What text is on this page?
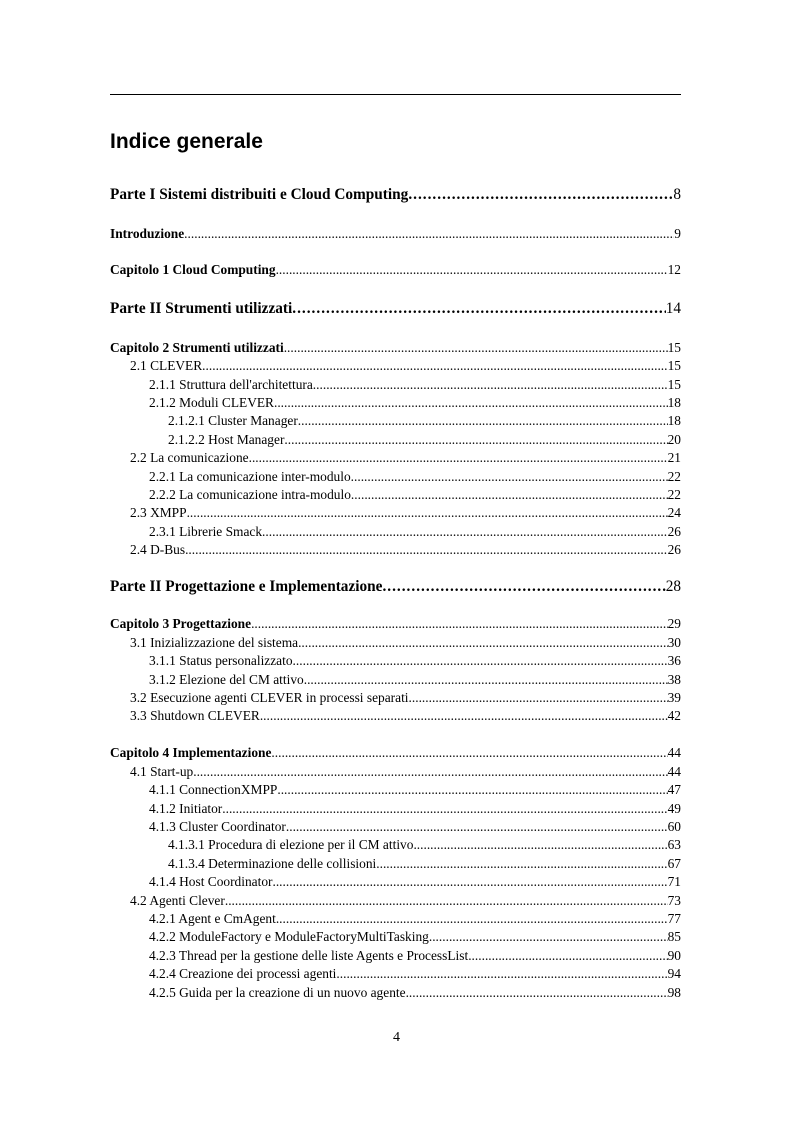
Indice generale
Parte I Sistemi distribuiti e Cloud Computing .....	8
Introduzione .....	9
Capitolo 1 Cloud Computing .....	12
Parte II Strumenti utilizzati .....	14
Capitolo 2 Strumenti utilizzati .....	15
2.1 CLEVER .....	15
2.1.1 Struttura dell'architettura .....	15
2.1.2 Moduli CLEVER .....	18
2.1.2.1 Cluster Manager .....	18
2.1.2.2 Host Manager .....	20
2.2 La comunicazione .....	21
2.2.1 La comunicazione inter-modulo .....	22
2.2.2 La comunicazione intra-modulo .....	22
2.3 XMPP .....	24
2.3.1 Librerie Smack .....	26
2.4 D-Bus .....	26
Parte II Progettazione e Implementazione .....	28
Capitolo 3 Progettazione .....	29
3.1 Inizializzazione del sistema .....	30
3.1.1 Status personalizzato .....	36
3.1.2 Elezione del CM attivo .....	38
3.2 Esecuzione agenti CLEVER in processi separati .....	39
3.3 Shutdown CLEVER .....	42
Capitolo 4 Implementazione .....	44
4.1 Start-up .....	44
4.1.1 ConnectionXMPP .....	47
4.1.2 Initiator .....	49
4.1.3 Cluster Coordinator .....	60
4.1.3.1 Procedura di elezione per il CM attivo .....	63
4.1.3.4 Determinazione delle collisioni .....	67
4.1.4 Host Coordinator .....	71
4.2 Agenti Clever .....	73
4.2.1 Agent e CmAgent .....	77
4.2.2 ModuleFactory e ModuleFactoryMultiTasking .....	85
4.2.3 Thread per la gestione delle liste Agents e ProcessList .....	90
4.2.4 Creazione dei processi agenti .....	94
4.2.5 Guida per la creazione di un nuovo agente .....	98
4
